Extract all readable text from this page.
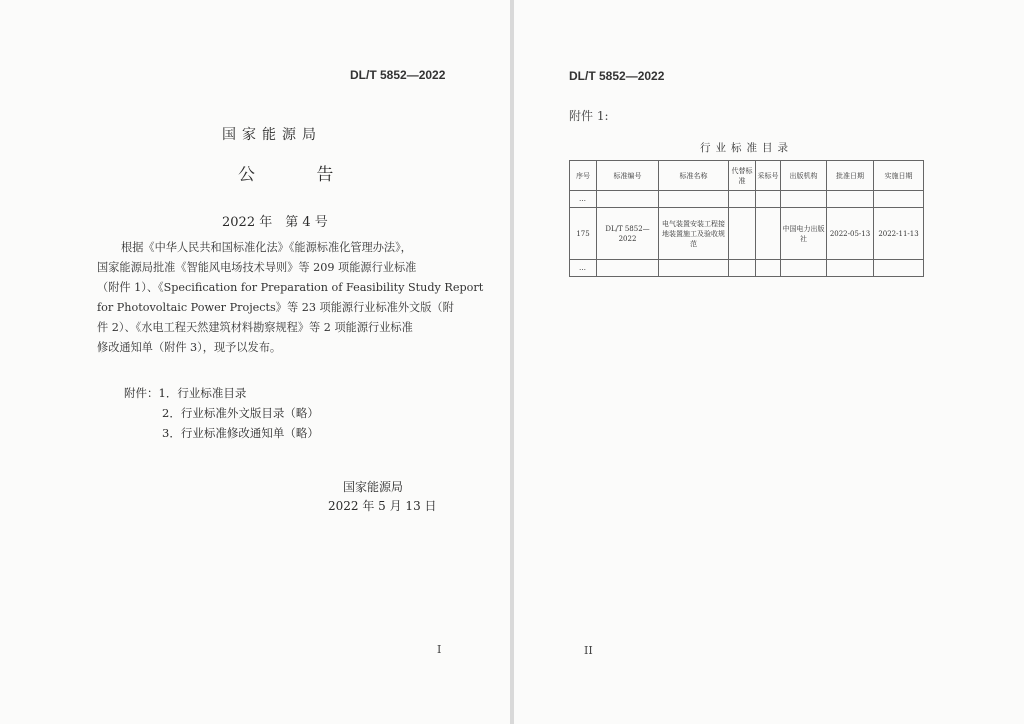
DL/T 5852—2022
国家能源局
公 告
2022 年　第 4 号
根据《中华人民共和国标准化法》《能源标准化管理办法》，
国家能源局批准《智能风电场技术导则》等 209 项能源行业标准
（附件 1）、《Specification for Preparation of Feasibility Study Report
for Photovoltaic Power Projects》等 23 项能源行业标准外文版（附
件 2）、《水电工程天然建筑材料勘察规程》等 2 项能源行业标准
修改通知单（附件 3），现予以发布。
附件：1．行业标准目录
2．行业标准外文版目录（略）
3．行业标准修改通知单（略）
国家能源局
2022 年 5 月 13 日
I
DL/T 5852—2022
附件 1:
行业标准目录
序号	标准编号	标准名称	代替标准	采标号	出版机构	批准日期	实施日期
…							
175	DL/T 5852—2022	电气装置安装工程接地装置施工及验收规范			中国电力出版社	2022-05-13	2022-11-13
…							
II
